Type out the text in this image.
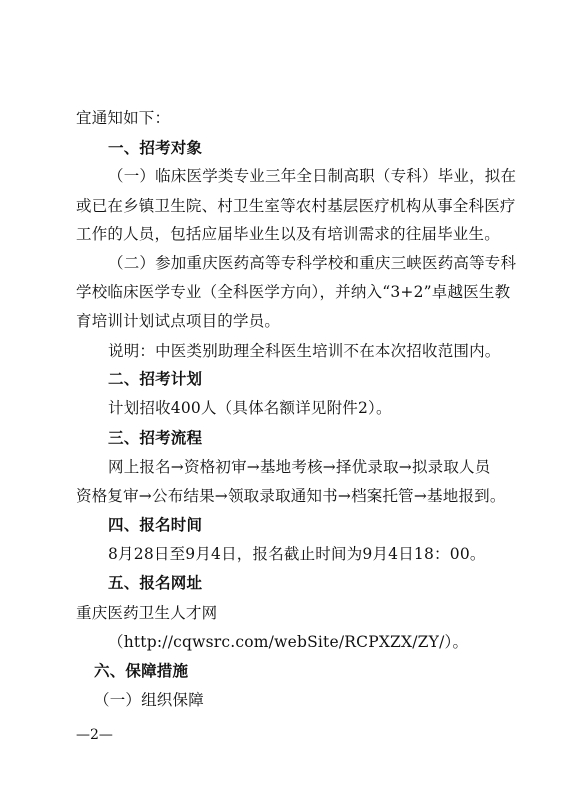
宜通知如下：
一、招考对象
（一）临床医学类专业三年全日制高职（专科）毕业，拟在
或已在乡镇卫生院、村卫生室等农村基层医疗机构从事全科医疗
工作的人员，包括应届毕业生以及有培训需求的往届毕业生。
（二）参加重庆医药高等专科学校和重庆三峡医药高等专科
学校临床医学专业（全科医学方向），并纳入“3+2”卓越医生教
育培训计划试点项目的学员。
说明：中医类别助理全科医生培训不在本次招收范围内。
二、招考计划
计划招收400人（具体名额详见附件2）。
三、招考流程
网上报名→资格初审→基地考核→择优录取→拟录取人员
资格复审→公布结果→领取录取通知书→档案托管→基地报到。
四、报名时间
8月28日至9月4日，报名截止时间为9月4日18：00。
五、报名网址
重庆医药卫生人才网
（http://cqwsrc.com/webSite/RCPXZX/ZY/）。
六、保障措施
（一）组织保障
—2—
